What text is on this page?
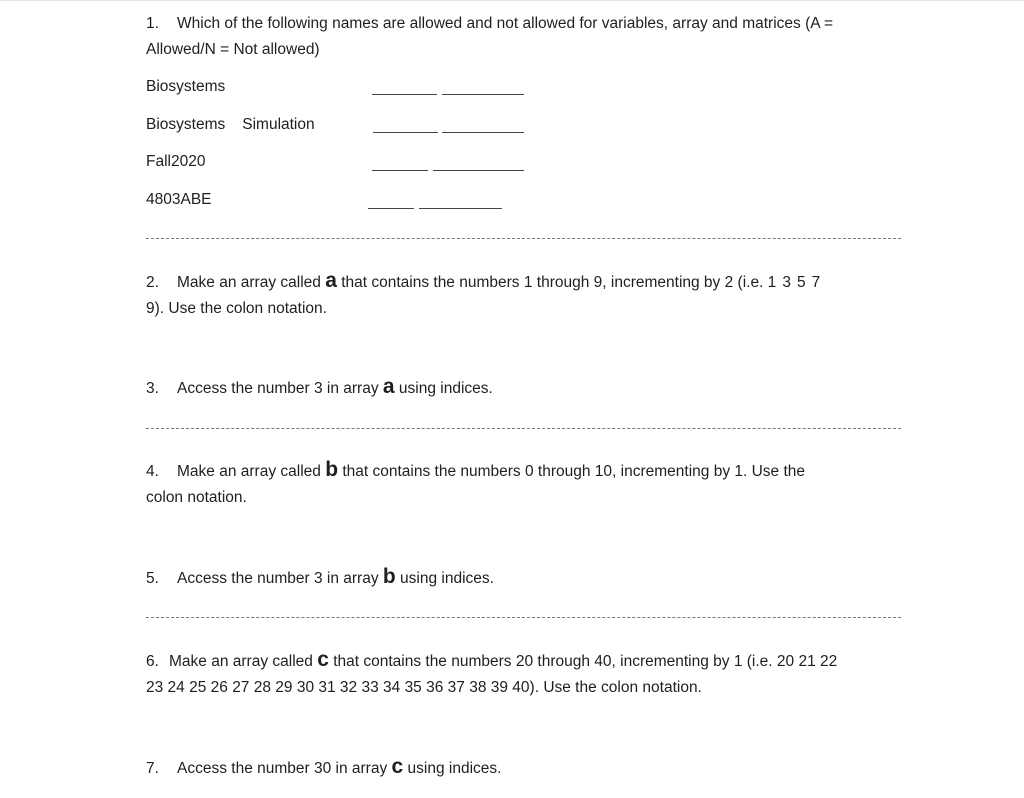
1. Which of the following names are allowed and not allowed for variables, array and matrices (A =
Allowed/N = Not allowed)
Biosystems
Biosystems Simulation
Fall2020
4803ABE
2. Make an array called a that contains the numbers 1 through 9, incrementing by 2 (i.e. 1 3 5 7
9). Use the colon notation.
3. Access the number 3 in array a using indices.
4. Make an array called b that contains the numbers 0 through 10, incrementing by 1. Use the
colon notation.
5. Access the number 3 in array b using indices.
6. Make an array called c that contains the numbers 20 through 40, incrementing by 1 (i.e. 20 21 22
23 24 25 26 27 28 29 30 31 32 33 34 35 36 37 38 39 40). Use the colon notation.
7. Access the number 30 in array c using indices.
